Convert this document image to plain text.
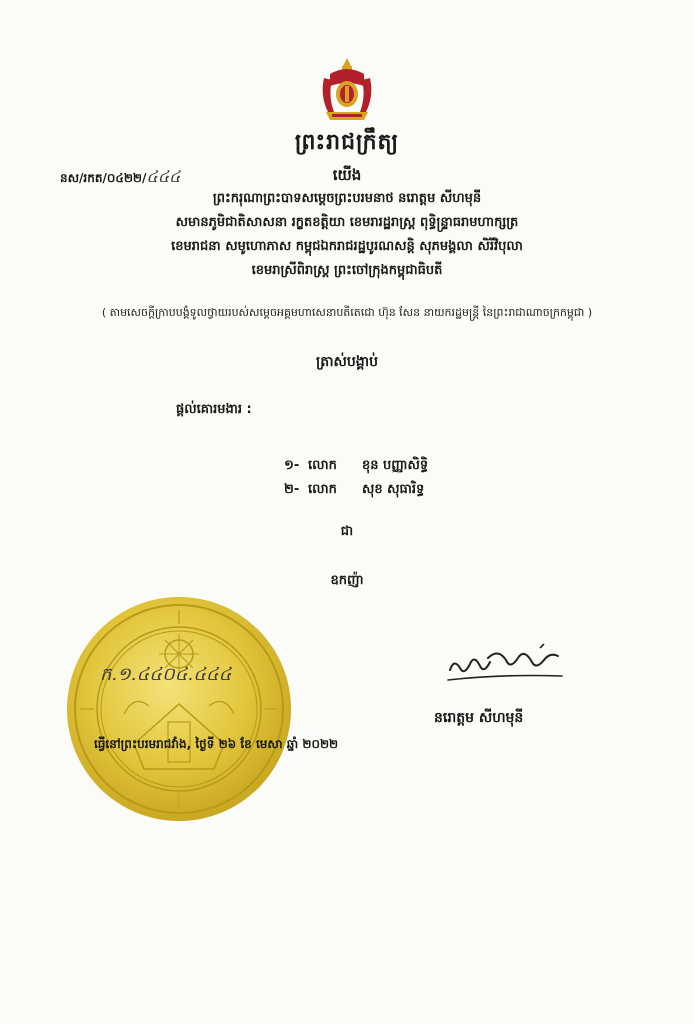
ព្រះរាជក្រឹត្យ
នស/រកត/០៤២២/៤៤៤	យើង
ព្រះករុណាព្រះបាទសម្ដេចព្រះបរមនាថ នរោត្តម សីហមុនី
សមានភូមិជាតិសាសនា រក្ខតខត្តិយា ខេមរារដ្ឋរាស្ត្រ ពុទ្ធិន្ទ្រាធរាមហាក្សត្រ
ខេមរាជនា សមូហោភាស កម្ពុជឯករាជរដ្ឋបូរណសន្តិ សុភមង្គលា សិរីវិបុលា
ខេមរាស្រីពិរាស្ត្រ ព្រះចៅក្រុងកម្ពុជាធិបតី
( តាមសេចក្តីក្រាបបង្គំទូលថ្វាយរបស់សម្ដេចអគ្គមហាសេនាបតីតេជោ ហ៊ុន សែន នាយករដ្ឋមន្ត្រី នៃព្រះរាជាណាចក្រកម្ពុជា )
ត្រាស់បង្គាប់
ផ្តល់គោរមងារ :
១- លោក ខុន បញ្ញាសិទ្ធិ
២- លោក សុខ សុធារិទ្ធ
ជា
ឧកញ៉ា
ក.១.៤៤០៤.៤៤៤
ធ្វើនៅព្រះបរមរាជវាំង, ថ្ងៃទី ២៦ ខែ មេសា ឆ្នាំ ២០២២
នរោត្តម សីហមុនី
